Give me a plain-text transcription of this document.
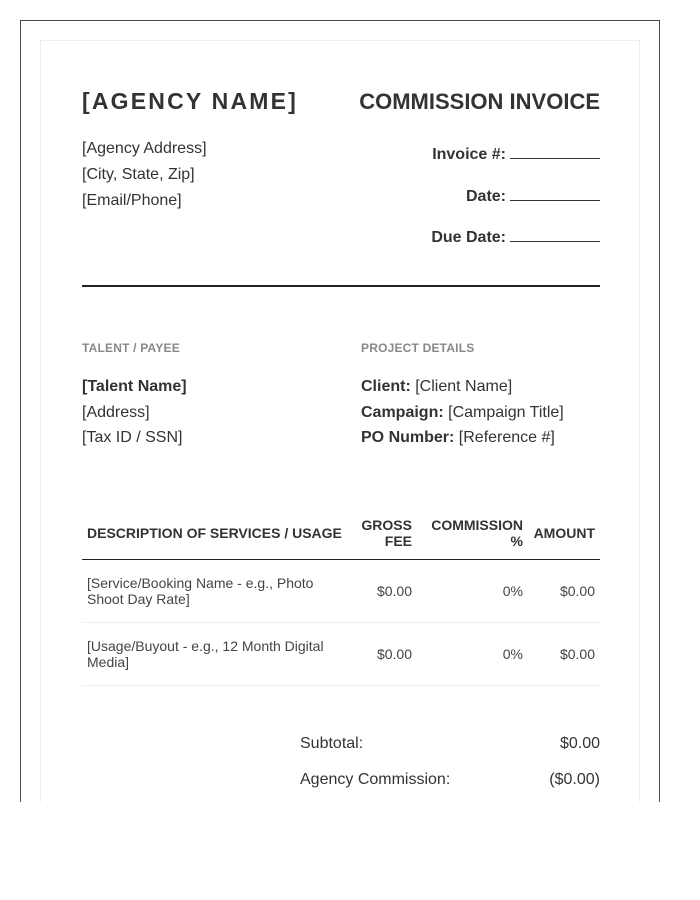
[AGENCY NAME]	COMMISSION INVOICE
[Agency Address]
[City, State, Zip]
[Email/Phone]
Invoice #:
Date:
Due Date:
TALENT / PAYEE
[Talent Name]
[Address]
[Tax ID / SSN]
PROJECT DETAILS
Client: [Client Name]
Campaign: [Campaign Title]
PO Number: [Reference #]
DESCRIPTION OF SERVICES / USAGE	GROSS FEE	COMMISSION %	AMOUNT
[Service/Booking Name - e.g., Photo Shoot Day Rate]	$0.00	0%	$0.00
[Usage/Buyout - e.g., 12 Month Digital Media]	$0.00	0%	$0.00
Subtotal:	$0.00
Agency Commission:	($0.00)
